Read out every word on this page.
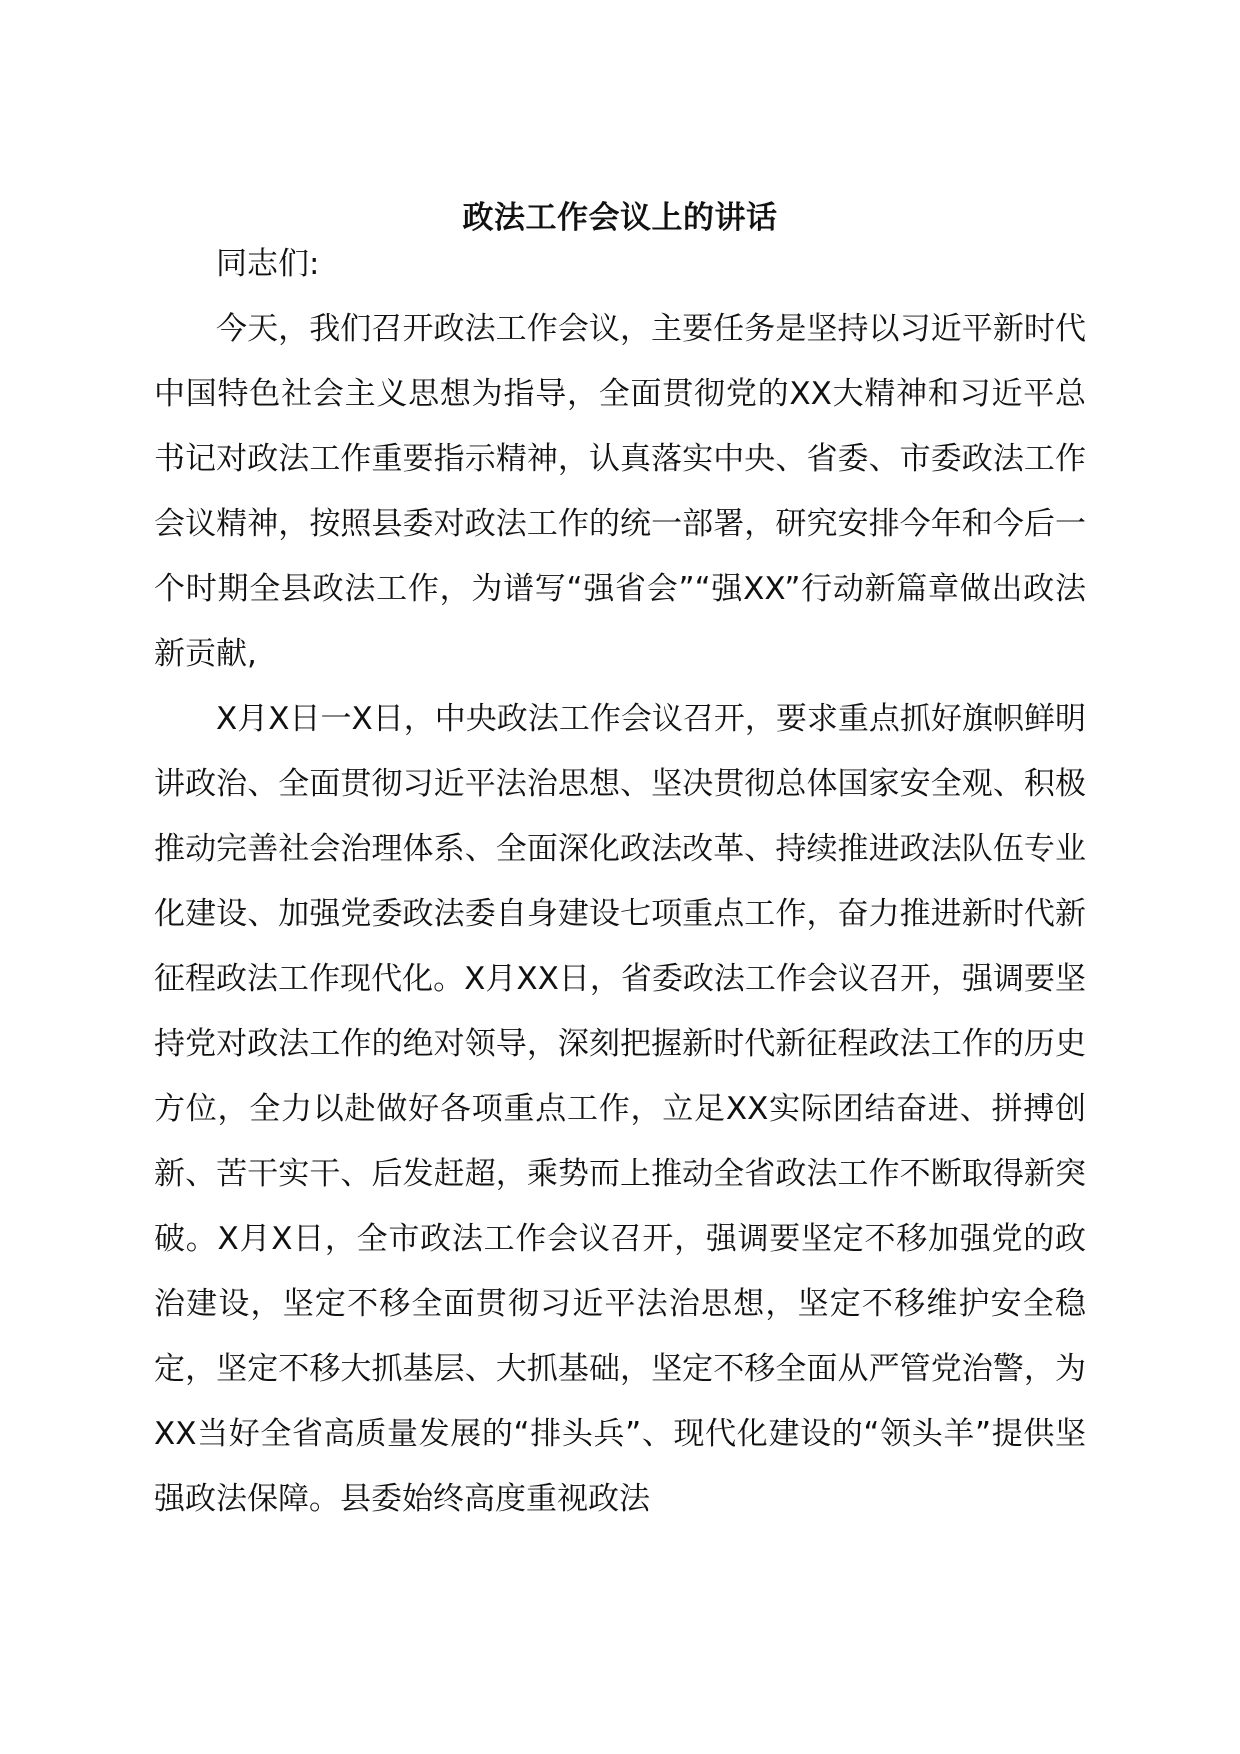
政法工作会议上的讲话

同志们:

今天，我们召开政法工作会议，主要任务是坚持以习近平新时代中国特色社会主义思想为指导，全面贯彻党的XX大精神和习近平总书记对政法工作重要指示精神，认真落实中央、省委、市委政法工作会议精神，按照县委对政法工作的统一部署，研究安排今年和今后一个时期全县政法工作，为谱写“强省会”“强XX”行动新篇章做出政法新贡献,

X月X日一X日，中央政法工作会议召开，要求重点抓好旗帜鲜明讲政治、全面贯彻习近平法治思想、坚决贯彻总体国家安全观、积极推动完善社会治理体系、全面深化政法改革、持续推进政法队伍专业化建设、加强党委政法委自身建设七项重点工作，奋力推进新时代新征程政法工作现代化。X月XX日，省委政法工作会议召开，强调要坚持党对政法工作的绝对领导，深刻把握新时代新征程政法工作的历史方位，全力以赴做好各项重点工作，立足XX实际团结奋进、拼搏创新、苦干实干、后发赶超，乘势而上推动全省政法工作不断取得新突破。X月X日，全市政法工作会议召开，强调要坚定不移加强党的政治建设，坚定不移全面贯彻习近平法治思想，坚定不移维护安全稳定，坚定不移大抓基层、大抓基础，坚定不移全面从严管党治警，为XX当好全省高质量发展的“排头兵”、现代化建设的“领头羊”提供坚强政法保障。县委始终高度重视政法
